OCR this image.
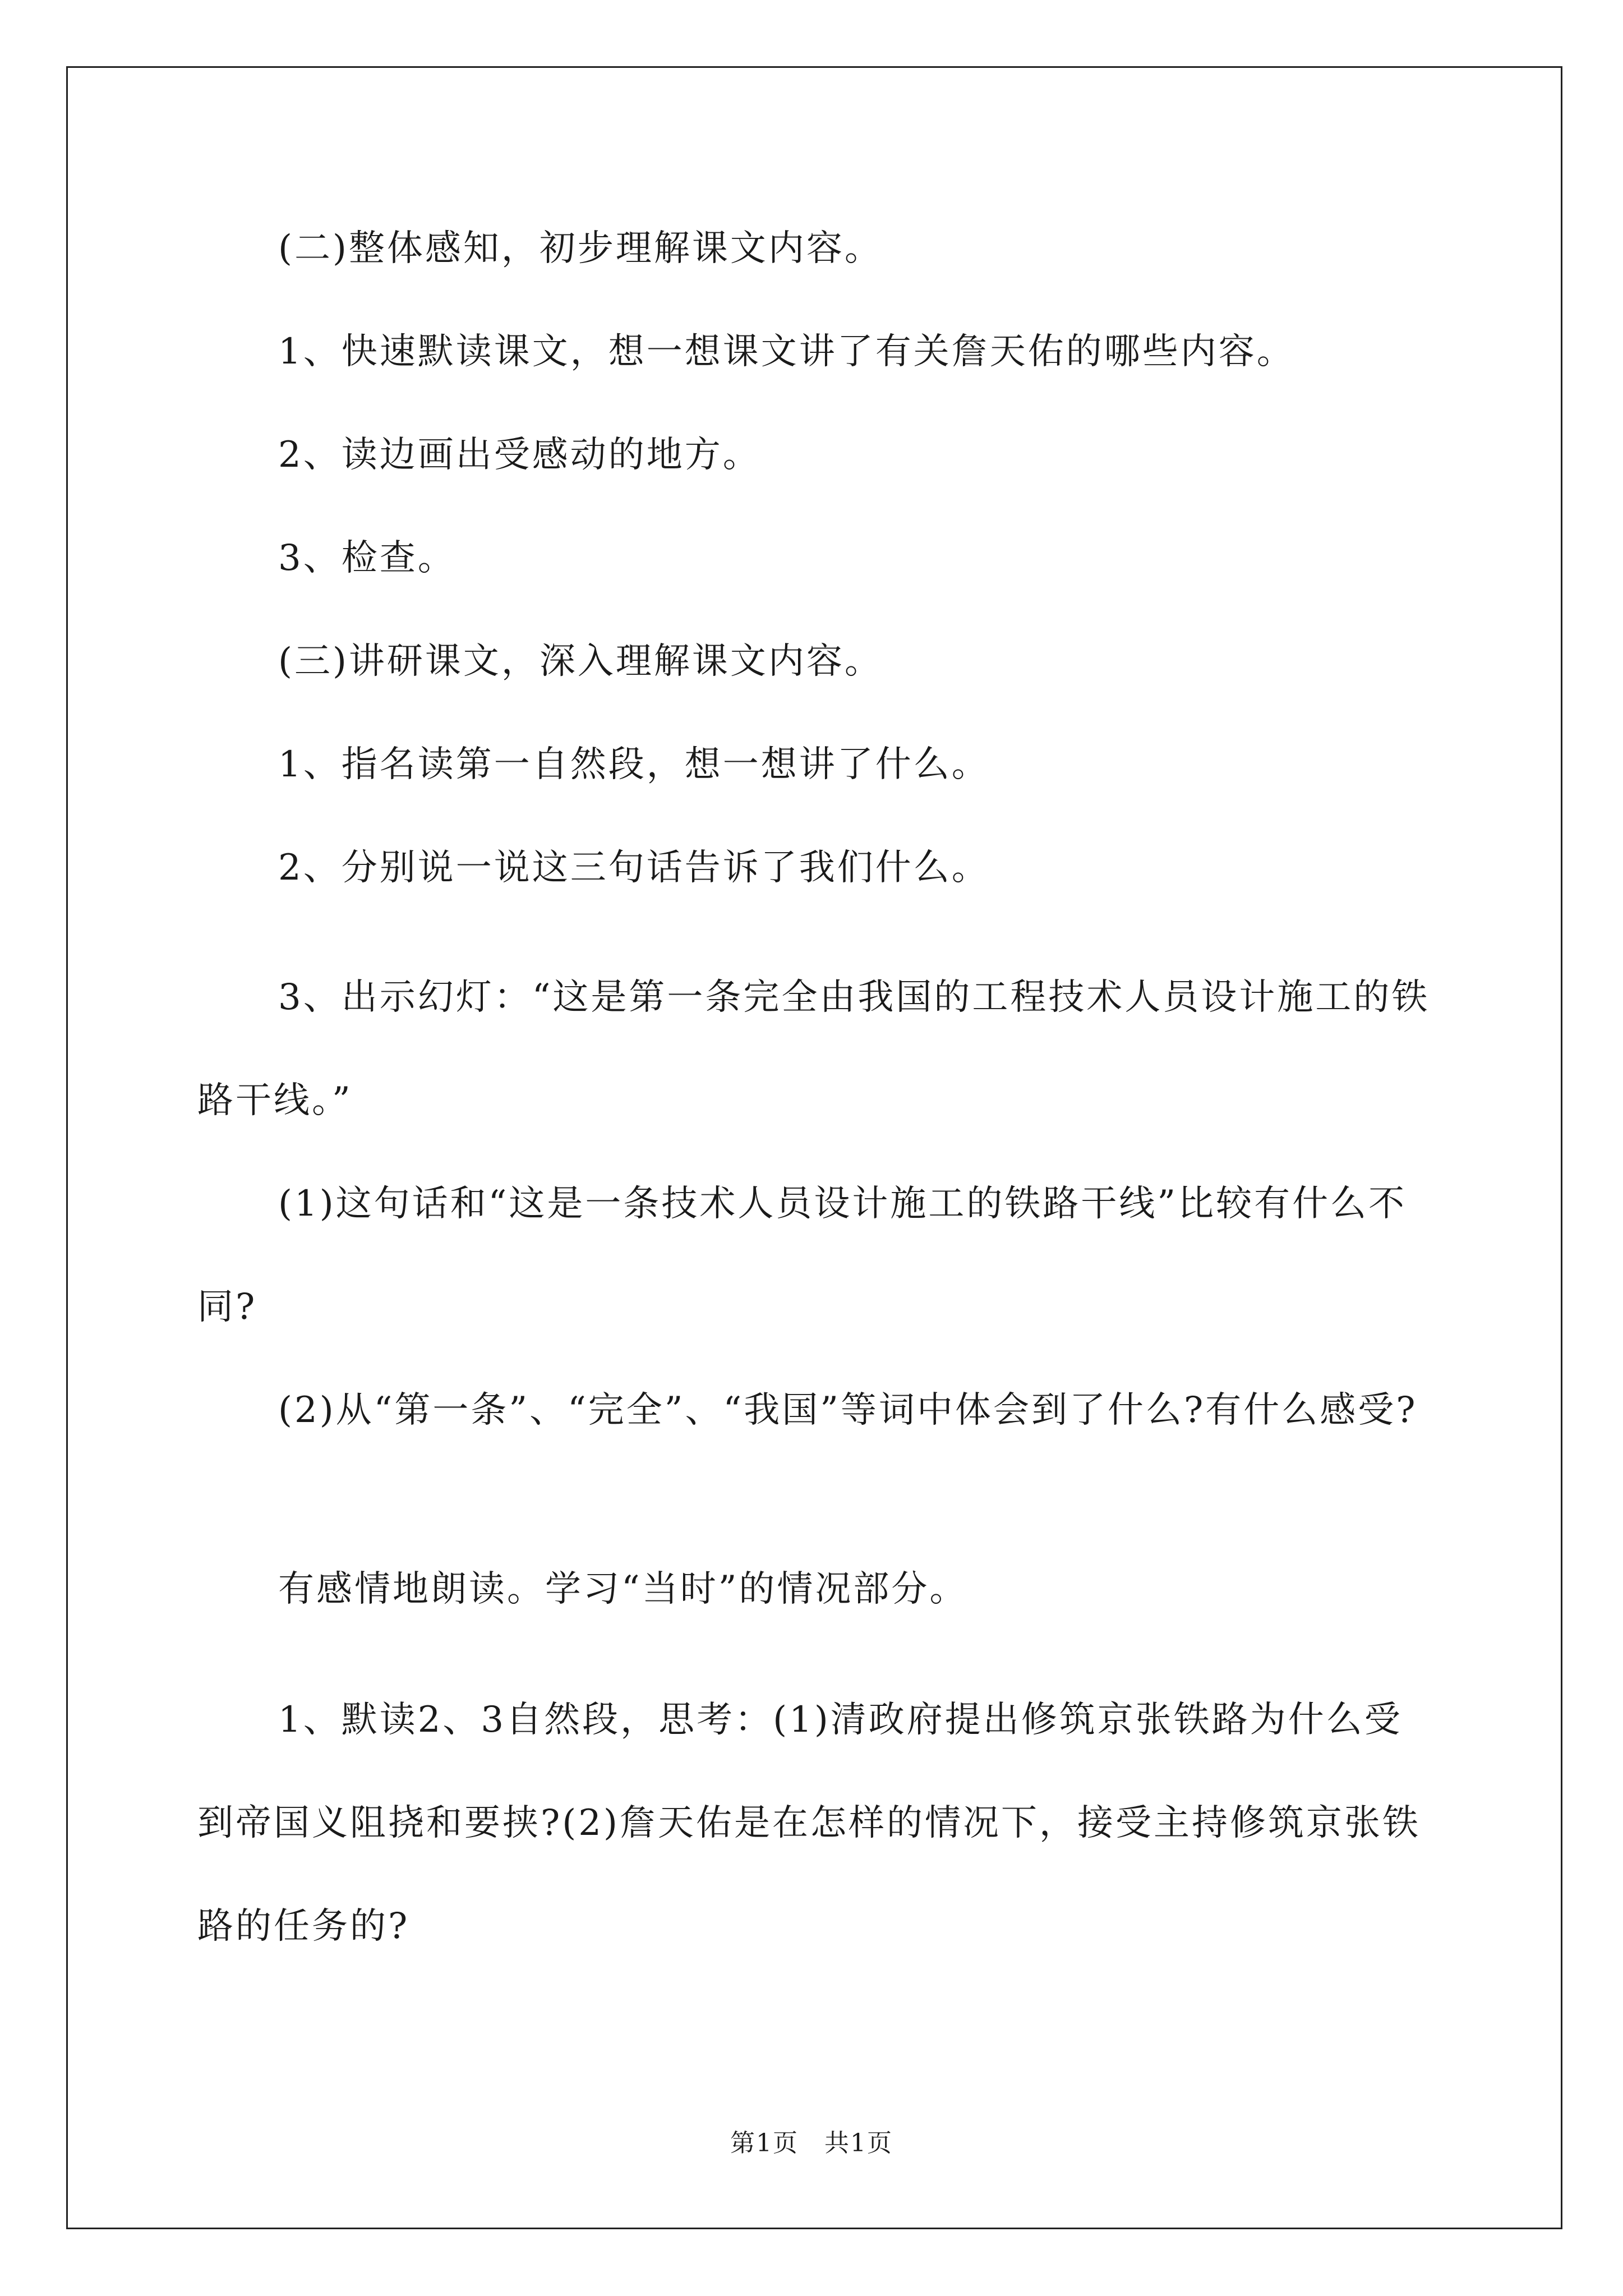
(二)整体感知，初步理解课文内容。

1、快速默读课文，想一想课文讲了有关詹天佑的哪些内容。

2、读边画出受感动的地方。

3、检查。

(三)讲研课文，深入理解课文内容。

1、指名读第一自然段，想一想讲了什么。

2、分别说一说这三句话告诉了我们什么。

3、出示幻灯：“这是第一条完全由我国的工程技术人员设计施工的铁路干线。”

(1)这句话和“这是一条技术人员设计施工的铁路干线”比较有什么不同?

(2)从“第一条”、“完全”、“我国”等词中体会到了什么?有什么感受?

有感情地朗读。学习“当时”的情况部分。

1、默读2、3自然段，思考：(1)清政府提出修筑京张铁路为什么受到帝国义阻挠和要挟?(2)詹天佑是在怎样的情况下，接受主持修筑京张铁路的任务的?

第1页　共1页
